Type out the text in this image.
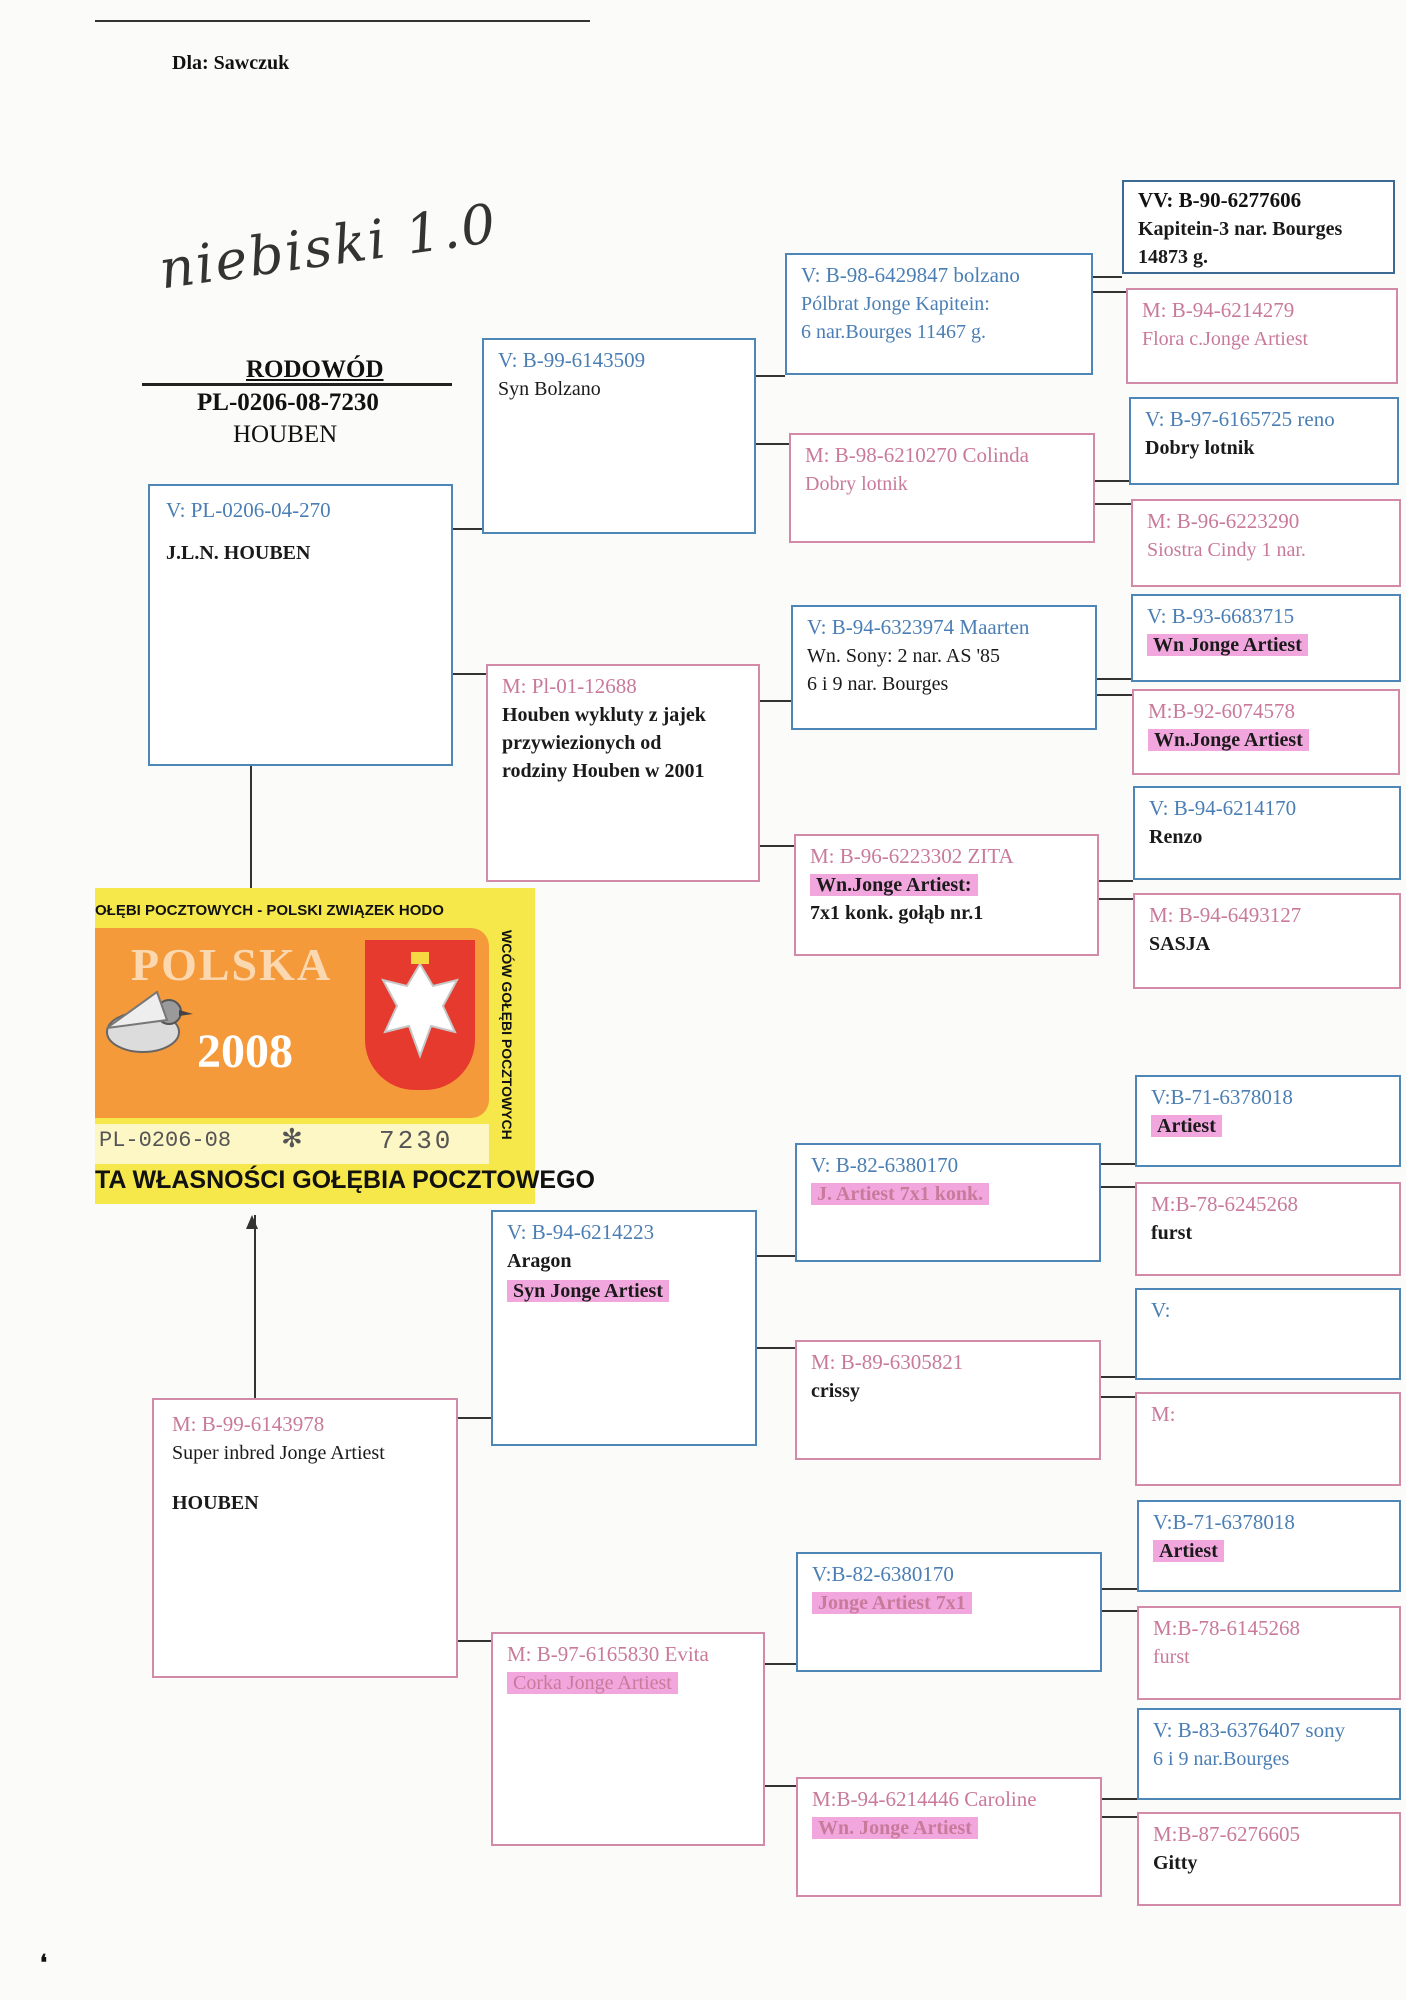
Dla: Sawczuk
niebiski 1.0
RODOWÓD
PL-0206-08-7230
HOUBEN
V: PL-0206-04-270
J.L.N. HOUBEN
M: B-99-6143978
Super inbred Jonge Artiest
HOUBEN
V: B-99-6143509
Syn Bolzano
M: Pl-01-12688
Houben wykluty z jajek
przywiezionych od
rodziny Houben w 2001
V: B-94-6214223
Aragon
Syn Jonge Artiest
M: B-97-6165830 Evita
Corka Jonge Artiest
V: B-98-6429847 bolzano
Pólbrat Jonge Kapitein:
6 nar.Bourges 11467 g.
M: B-98-6210270 Colinda
Dobry lotnik
V: B-94-6323974 Maarten
Wn. Sony: 2 nar. AS '85
6 i 9 nar. Bourges
M: B-96-6223302 ZITA
Wn.Jonge Artiest:
7x1 konk. gołąb nr.1
V: B-82-6380170
J. Artiest 7x1 konk.
M: B-89-6305821
crissy
V:B-82-6380170
Jonge Artiest 7x1
M:B-94-6214446 Caroline
Wn. Jonge Artiest
VV: B-90-6277606
Kapitein-3 nar. Bourges
14873 g.
M: B-94-6214279
Flora c.Jonge Artiest
V: B-97-6165725 reno
Dobry lotnik
M: B-96-6223290
Siostra Cindy 1 nar.
V: B-93-6683715
Wn Jonge Artiest
M:B-92-6074578
Wn.Jonge Artiest
V: B-94-6214170
Renzo
M: B-94-6493127
SASJA
V:B-71-6378018
Artiest
M:B-78-6245268
furst
V:
M:
V:B-71-6378018
Artiest
M:B-78-6145268
furst
V: B-83-6376407 sony
6 i 9 nar.Bourges
M:B-87-6276605
Gitty
OŁĘBI POCZTOWYCH - POLSKI ZWIĄZEK HODO
WCÓW GOŁĘBI POCZTOWYCH
POLSKA
2008
PL-0206-08 ✻	7230
TA WŁASNOŚCI GOŁĘBIA POCZTOWEGO
❛
